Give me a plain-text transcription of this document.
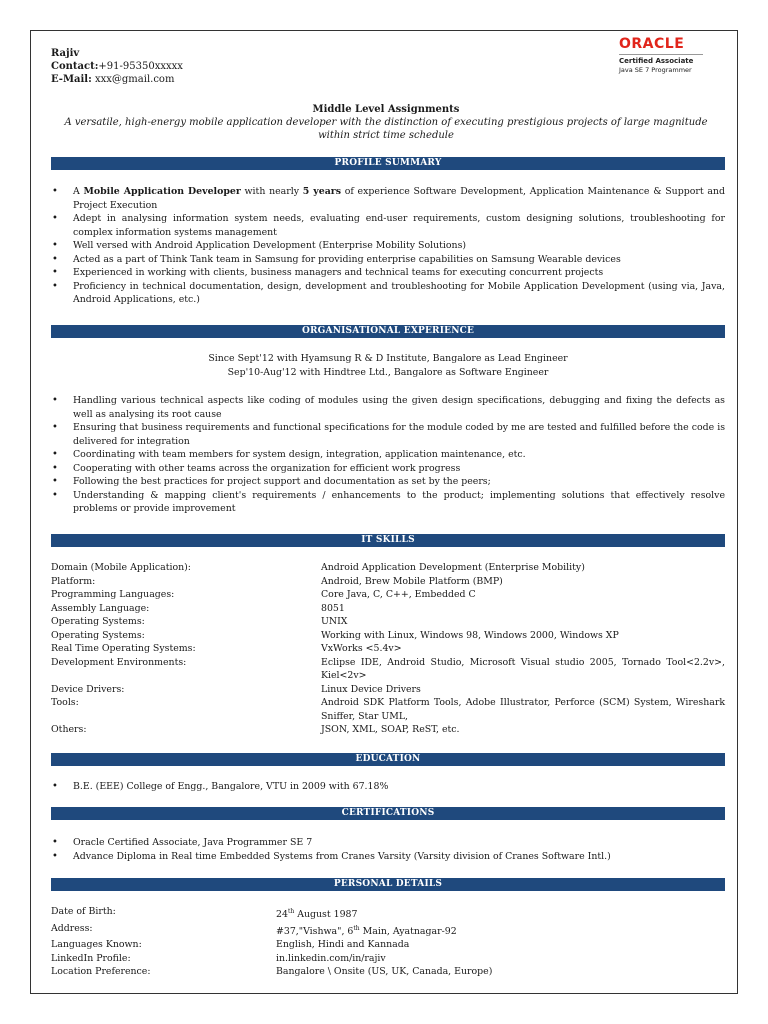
Rajiv
Contact:+91-95350xxxxx
E-Mail: xxx@gmail.com
ORACLE
Certified Associate
Java SE 7 Programmer
Middle Level Assignments
A versatile, high-energy mobile application developer with the distinction of executing prestigious projects of large magnitude within strict time schedule
PROFILE SUMMARY
• A Mobile Application Developer with nearly 5 years of experience Software Development, Application Maintenance & Support and Project Execution
• Adept in analysing information system needs, evaluating end-user requirements, custom designing solutions, troubleshooting for complex information systems management
• Well versed with Android Application Development (Enterprise Mobility Solutions)
• Acted as a part of Think Tank team in Samsung for providing enterprise capabilities on Samsung Wearable devices
• Experienced in working with clients, business managers and technical teams for executing concurrent projects
• Proficiency in technical documentation, design, development and troubleshooting for Mobile Application Development (using via, Java, Android Applications, etc.)
ORGANISATIONAL EXPERIENCE
Since Sept'12 with Hyamsung R & D Institute, Bangalore as Lead Engineer
Sep'10-Aug'12 with Hindtree Ltd., Bangalore as Software Engineer
• Handling various technical aspects like coding of modules using the given design specifications, debugging and fixing the defects as well as analysing its root cause
• Ensuring that business requirements and functional specifications for the module coded by me are tested and fulfilled before the code is delivered for integration
• Coordinating with team members for system design, integration, application maintenance, etc.
• Cooperating with other teams across the organization for efficient work progress
• Following the best practices for project support and documentation as set by the peers;
• Understanding & mapping client's requirements / enhancements to the product; implementing solutions that effectively resolve problems or provide improvement
IT SKILLS
Domain (Mobile Application):	Android Application Development (Enterprise Mobility)
Platform:	Android, Brew Mobile Platform (BMP)
Programming Languages:	Core Java, C, C++, Embedded C
Assembly Language:	8051
Operating Systems:	UNIX
Operating Systems:	Working with Linux, Windows 98, Windows 2000, Windows XP
Real Time Operating Systems:	VxWorks <5.4v>
Development Environments:	Eclipse IDE, Android Studio, Microsoft Visual studio 2005, Tornado Tool<2.2v>, Kiel<2v>
Device Drivers:	Linux Device Drivers
Tools:	Android SDK Platform Tools, Adobe Illustrator, Perforce (SCM) System, Wireshark Sniffer, Star UML,
Others:	JSON, XML, SOAP, ReST, etc.
EDUCATION
• B.E. (EEE) College of Engg., Bangalore, VTU in 2009 with 67.18%
CERTIFICATIONS
• Oracle Certified Associate, Java Programmer SE 7
• Advance Diploma in Real time Embedded Systems from Cranes Varsity (Varsity division of Cranes Software Intl.)
PERSONAL DETAILS
Date of Birth:	24th August 1987
Address:	#37,"Vishwa", 6th Main, Ayatnagar-92
Languages Known:	English, Hindi and Kannada
LinkedIn Profile:	in.linkedin.com/in/rajiv
Location Preference:	Bangalore \ Onsite (US, UK, Canada, Europe)
